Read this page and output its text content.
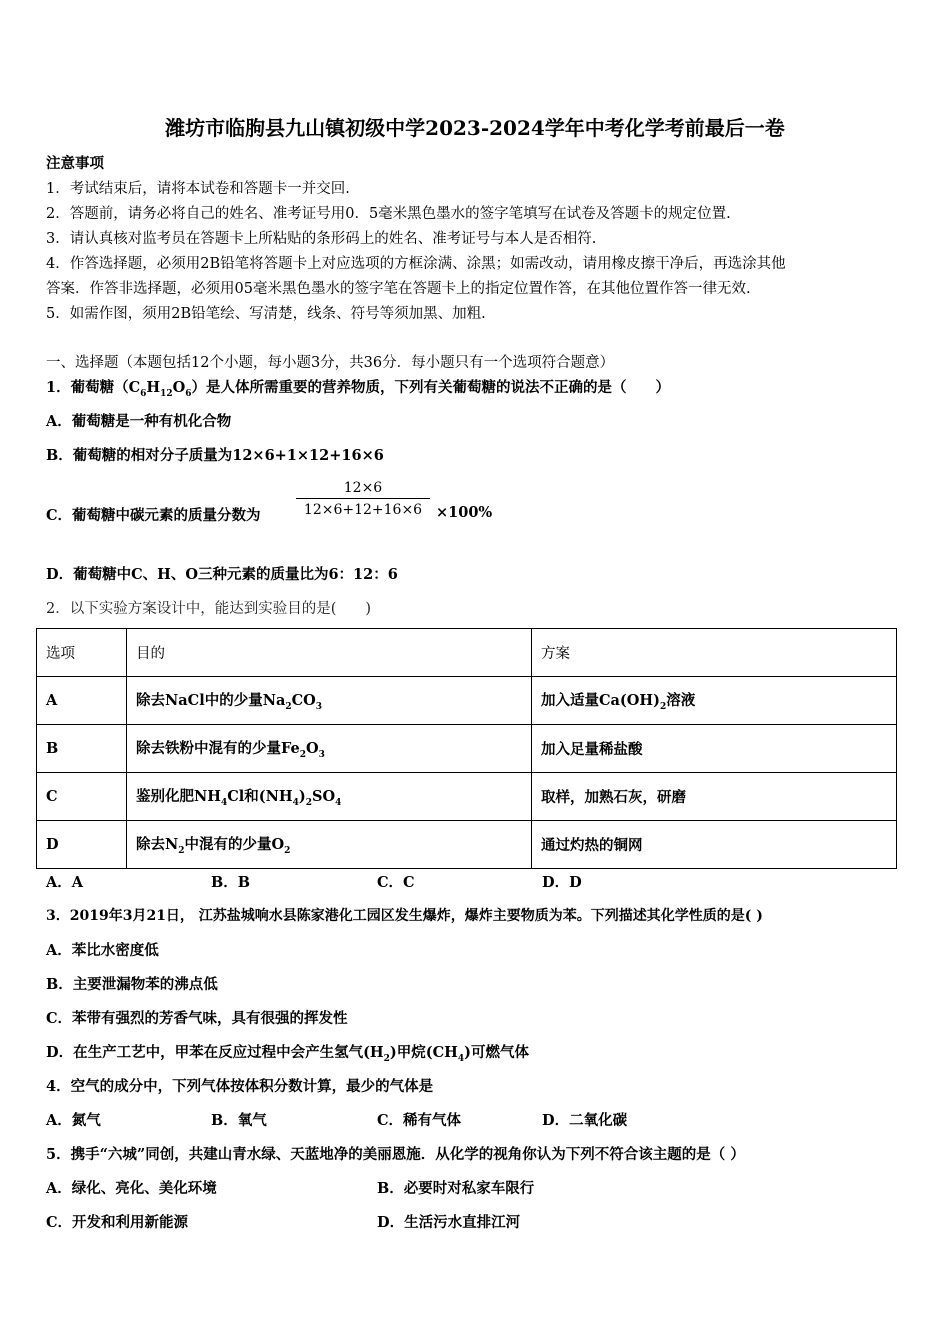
潍坊市临朐县九山镇初级中学2023-2024学年中考化学考前最后一卷
注意事项
1．考试结束后，请将本试卷和答题卡一并交回.
2．答题前，请务必将自己的姓名、准考证号用0．5毫米黑色墨水的签字笔填写在试卷及答题卡的规定位置.
3．请认真核对监考员在答题卡上所粘贴的条形码上的姓名、准考证号与本人是否相符.
4．作答选择题，必须用2B铅笔将答题卡上对应选项的方框涂满、涂黑；如需改动，请用橡皮擦干净后，再选涂其他
答案．作答非选择题，必须用05毫米黑色墨水的签字笔在答题卡上的指定位置作答，在其他位置作答一律无效.
5．如需作图，须用2B铅笔绘、写清楚，线条、符号等须加黑、加粗.
一、选择题（本题包括12个小题，每小题3分，共36分．每小题只有一个选项符合题意）
1．葡萄糖$(C_6H_{12}O_6)$是人体所需重要的营养物质，下列有关葡萄糖的说法不正确的是（　　）
A．葡萄糖是一种有机化合物
B．葡萄糖的相对分子质量为12×6+1×12+16×6
C．葡萄糖中碳元素的质量分数为
12×6
12×6+12+16×6 ×100%
D．葡萄糖中C、H、O三种元素的质量比为6：12：6
2．以下实验方案设计中，能达到实验目的是(　　)
选项	目的	方案
A	除去NaCl中的少量$Na_2CO_3$	加入适量$Ca(OH)_2$溶液
B	除去铁粉中混有的少量$Fe_2O_3$	加入足量稀盐酸
C	鉴别化肥$NH_4Cl$和$(NH_4)_2SO_4$	取样，加熟石灰，研磨
D	除去$N_2$中混有的少量$O_2$	通过灼热的铜网
A．A	B．B	C．C	D．D
3．2019年3月21日， 江苏盐城响水县陈家港化工园区发生爆炸，爆炸主要物质为苯。下列描述其化学性质的是( )
A．苯比水密度低
B．主要泄漏物苯的沸点低
C．苯带有强烈的芳香气味，具有很强的挥发性
D．在生产工艺中，甲苯在反应过程中会产生氢气$(H_2)$甲烷$(CH_4)$可燃气体
4．空气的成分中，下列气体按体积分数计算，最少的气体是
A．氮气	B．氧气	C．稀有气体	D．二氧化碳
5．携手“六城”同创，共建山青水绿、天蓝地净的美丽恩施．从化学的视角你认为下列不符合该主题的是（ ）
A．绿化、亮化、美化环境	B．必要时对私家车限行
C．开发和利用新能源	D．生活污水直排江河
